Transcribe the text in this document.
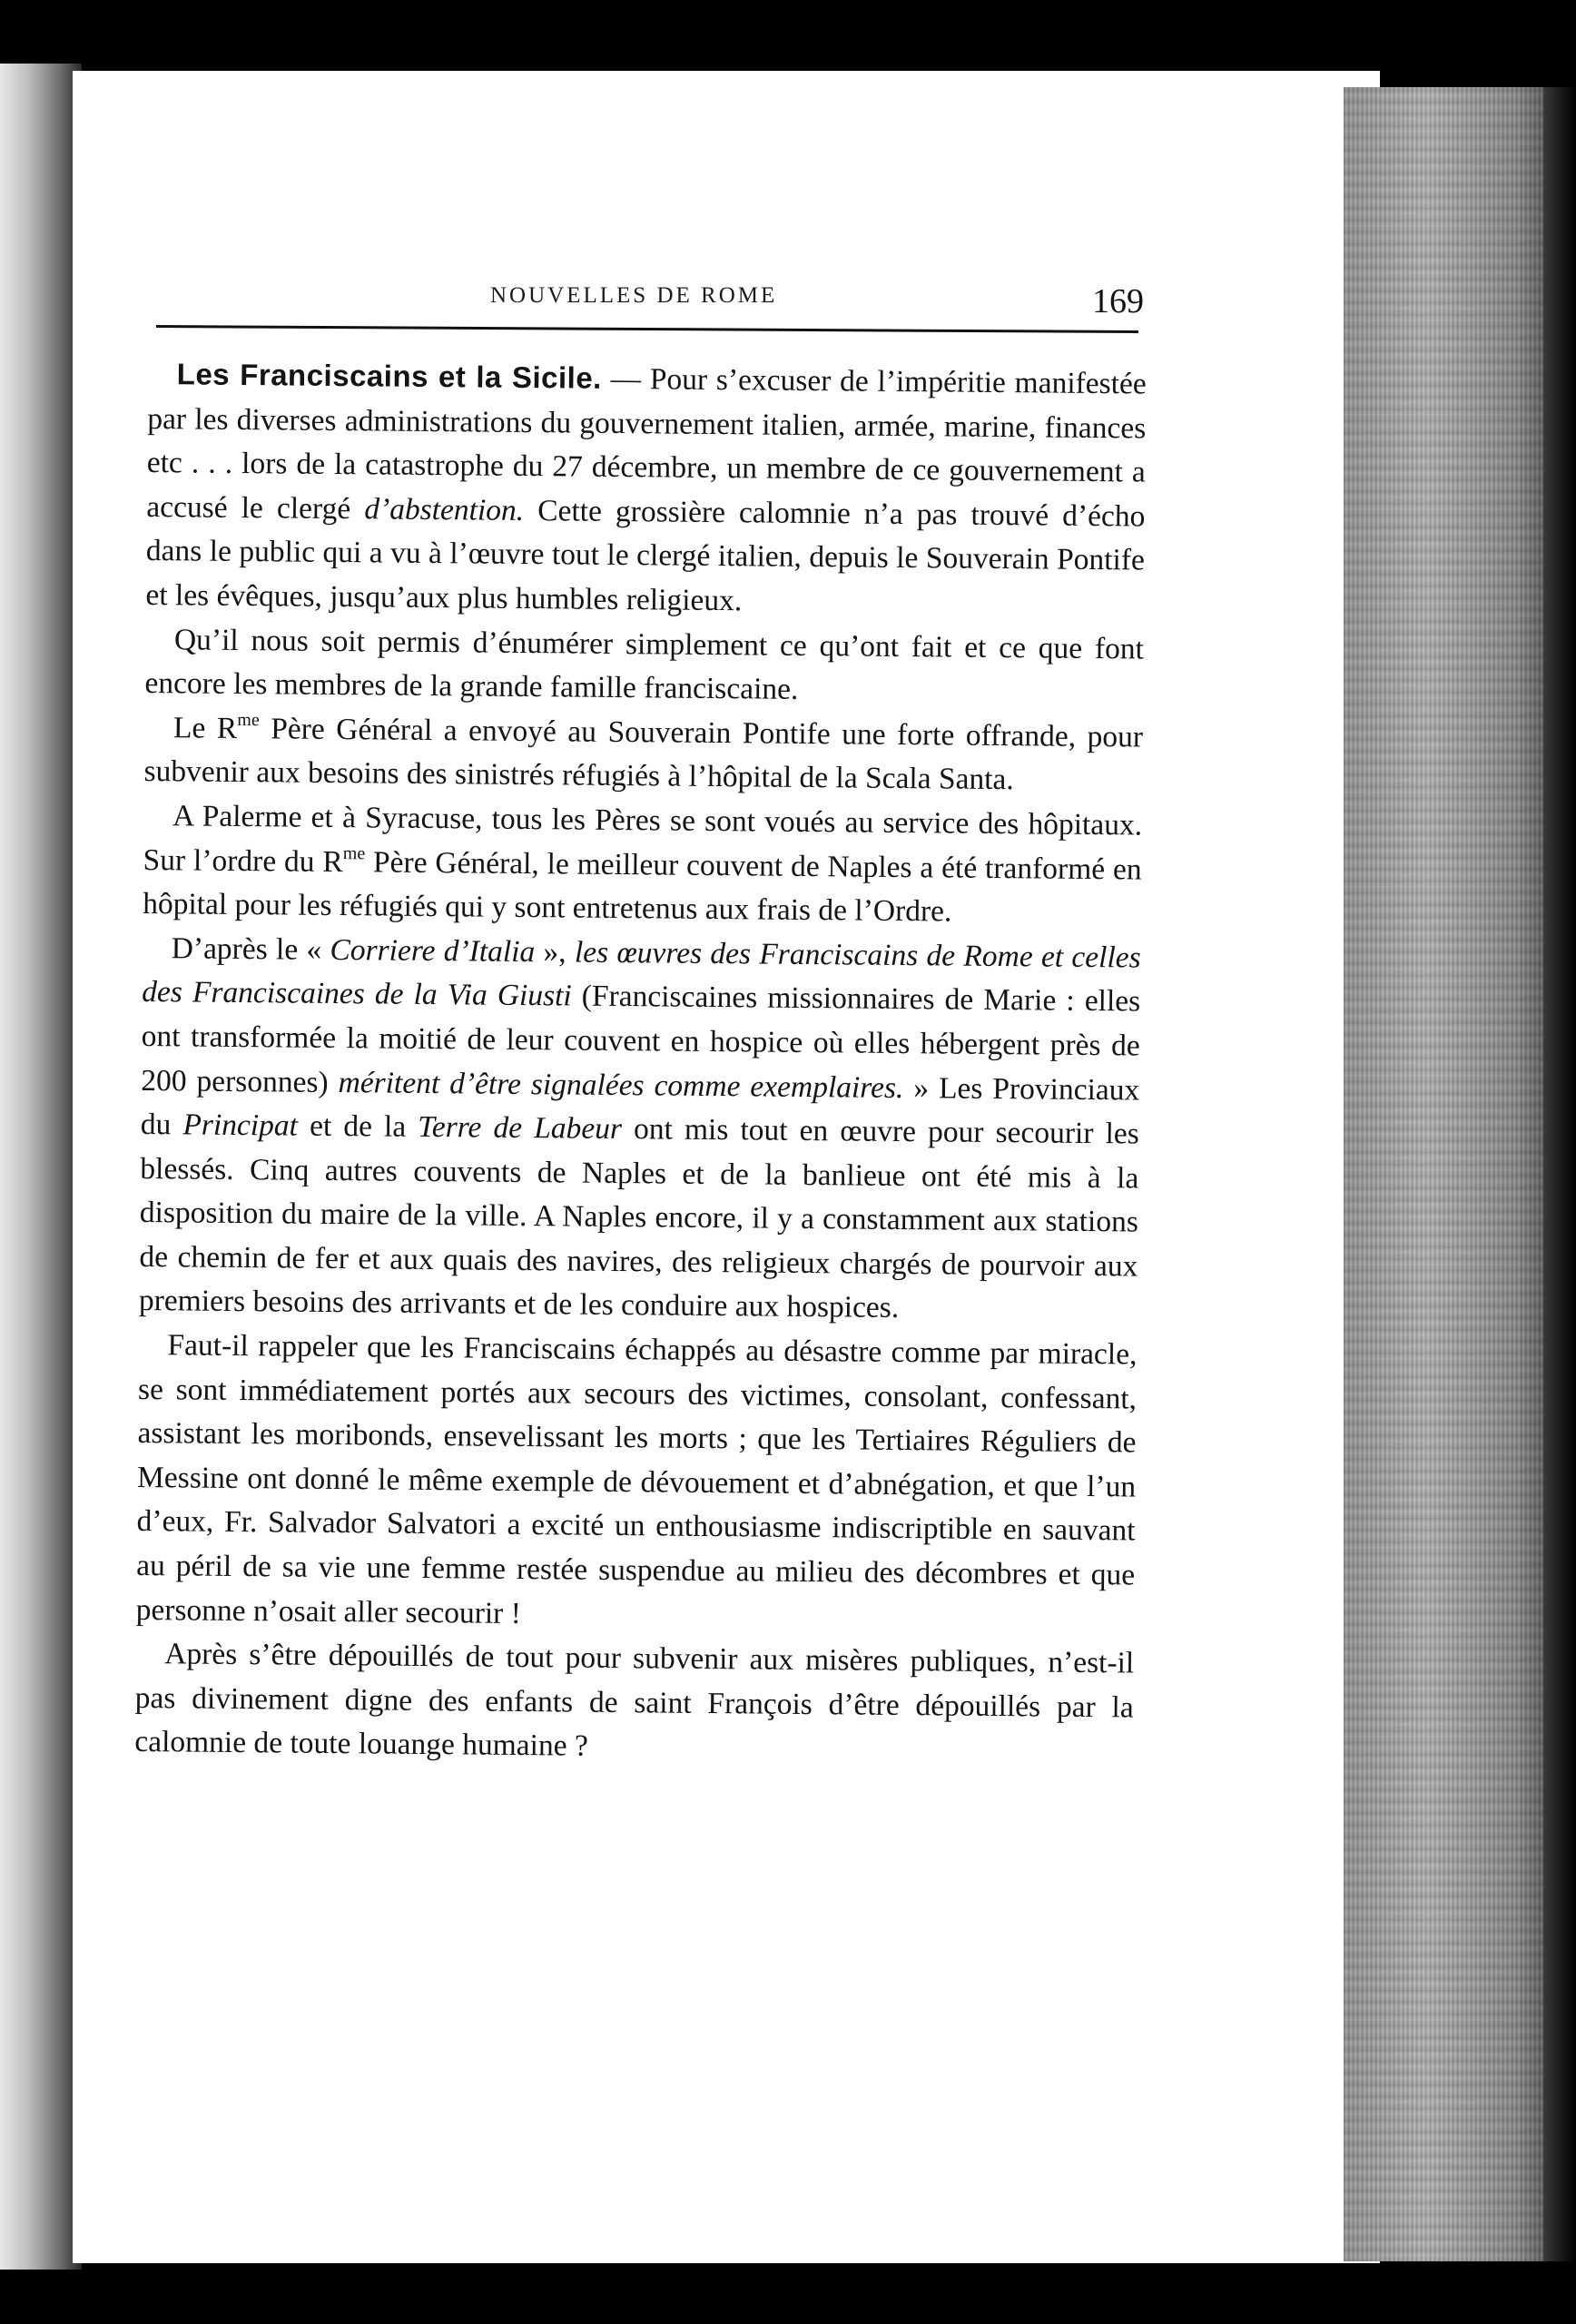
NOUVELLES DE ROME	169

Les Franciscains et la Sicile. — Pour s’excuser de l’impéritie manifestée par les diverses administrations du gouvernement italien, armée, marine, finances etc . . . lors de la catastrophe du 27 décembre, un membre de ce gouvernement a accusé le clergé d’abstention. Cette grossière calomnie n’a pas trouvé d’écho dans le public qui a vu à l’œuvre tout le clergé italien, depuis le Souverain Pontife et les évêques, jusqu’aux plus humbles religieux.

Qu’il nous soit permis d’énumérer simplement ce qu’ont fait et ce que font encore les membres de la grande famille franciscaine.

Le $R^{me}$ Père Général a envoyé au Souverain Pontife une forte offrande, pour subvenir aux besoins des sinistrés réfugiés à l’hôpital de la Scala Santa.

A Palerme et à Syracuse, tous les Pères se sont voués au service des hôpitaux. Sur l’ordre du $R^{me}$ Père Général, le meilleur couvent de Naples a été tranformé en hôpital pour les réfugiés qui y sont entretenus aux frais de l’Ordre.

D’après le « Corriere d’Italia », les œuvres des Franciscains de Rome et celles des Franciscaines de la Via Giusti (Franciscaines missionnaires de Marie : elles ont transformée la moitié de leur couvent en hospice où elles hébergent près de 200 personnes) méritent d’être signalées comme exemplaires. » Les Provinciaux du Principat et de la Terre de Labeur ont mis tout en œuvre pour secourir les blessés. Cinq autres couvents de Naples et de la banlieue ont été mis à la disposition du maire de la ville. A Naples encore, il y a constamment aux stations de chemin de fer et aux quais des navires, des religieux chargés de pourvoir aux premiers besoins des arrivants et de les conduire aux hospices.

Faut-il rappeler que les Franciscains échappés au désastre comme par miracle, se sont immédiatement portés aux secours des victimes, consolant, confessant, assistant les moribonds, ensevelissant les morts ; que les Tertiaires Réguliers de Messine ont donné le même exemple de dévouement et d’abnégation, et que l’un d’eux, Fr. Salvador Salvatori a excité un enthousiasme indiscriptible en sauvant au péril de sa vie une femme restée suspendue au milieu des décombres et que personne n’osait aller secourir !

Après s’être dépouillés de tout pour subvenir aux misères publiques, n’est-il pas divinement digne des enfants de saint François d’être dépouillés par la calomnie de toute louange humaine ?
